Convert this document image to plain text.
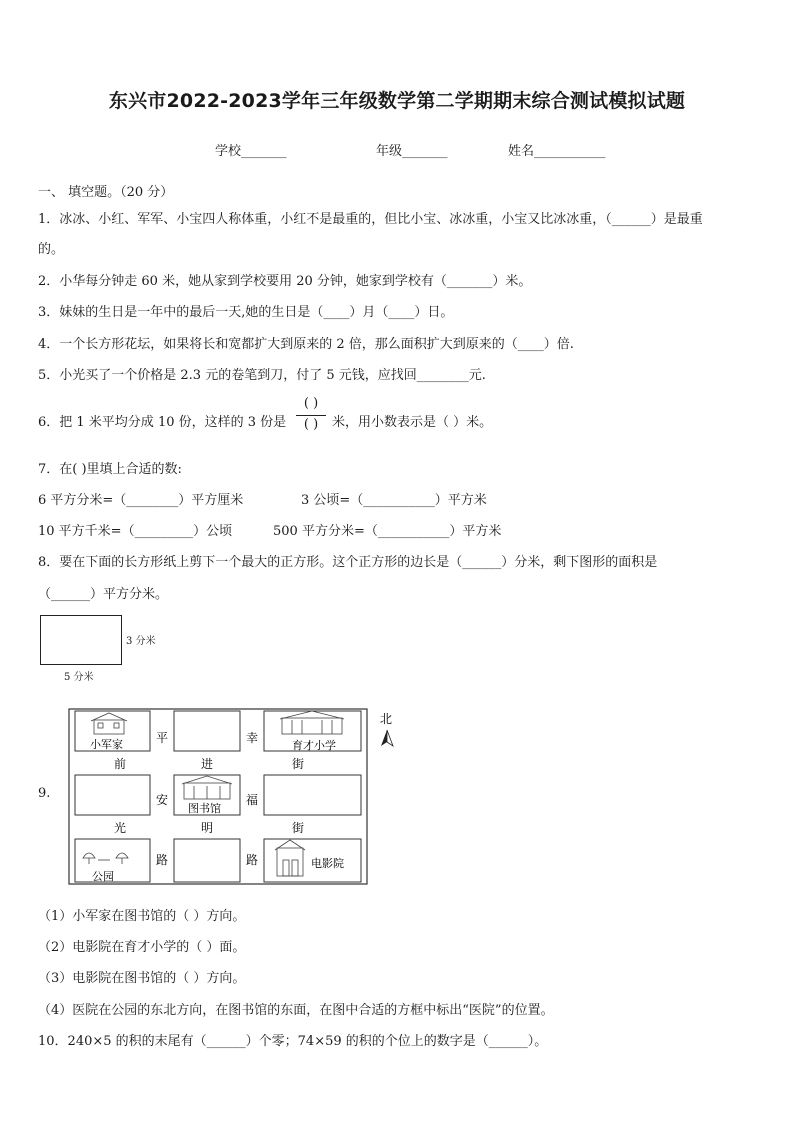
东兴市2022-2023学年三年级数学第二学期期末综合测试模拟试题
学校_______	年级_______	姓名___________
一、 填空题。（20 分）
1．冰冰、小红、军军、小宝四人称体重，小红不是最重的，但比小宝、冰冰重，小宝又比冰冰重，（______）是最重
的。
2．小华每分钟走 60 米，她从家到学校要用 20 分钟，她家到学校有（_______）米。
3．妹妹的生日是一年中的最后一天,她的生日是（____）月（____）日。
4．一个长方形花坛，如果将长和宽都扩大到原来的 2 倍，那么面积扩大到原来的（____）倍.
5．小光买了一个价格是 2.3 元的卷笔到刀，付了 5 元钱，应找回________元.
6．把 1 米平均分成 10 份，这样的 3 份是
( )
( )	米，用小数表示是（ ）米。
7．在( )里填上合适的数:
6 平方分米=（________）平方厘米	3 公顷=（___________）平方米
10 平方千米=（_________）公顷	500 平方分米=（___________）平方米
8．要在下面的长方形纸上剪下一个最大的正方形。这个正方形的边长是（______）分米，剩下图形的面积是
（______）平方分米。
3 分米
5 分米
9.
小军家	育才小学
图书馆
公园
电影院
前	进	街
光	明	街
平
安
路
幸
福
路
北
（1）小军家在图书馆的（ ）方向。
（2）电影院在育才小学的（ ）面。
（3）电影院在图书馆的（ ）方向。
（4）医院在公园的东北方向，在图书馆的东面，在图中合适的方框中标出“医院”的位置。
10．240×5 的积的末尾有（______）个零；74×59 的积的个位上的数字是（______）。
